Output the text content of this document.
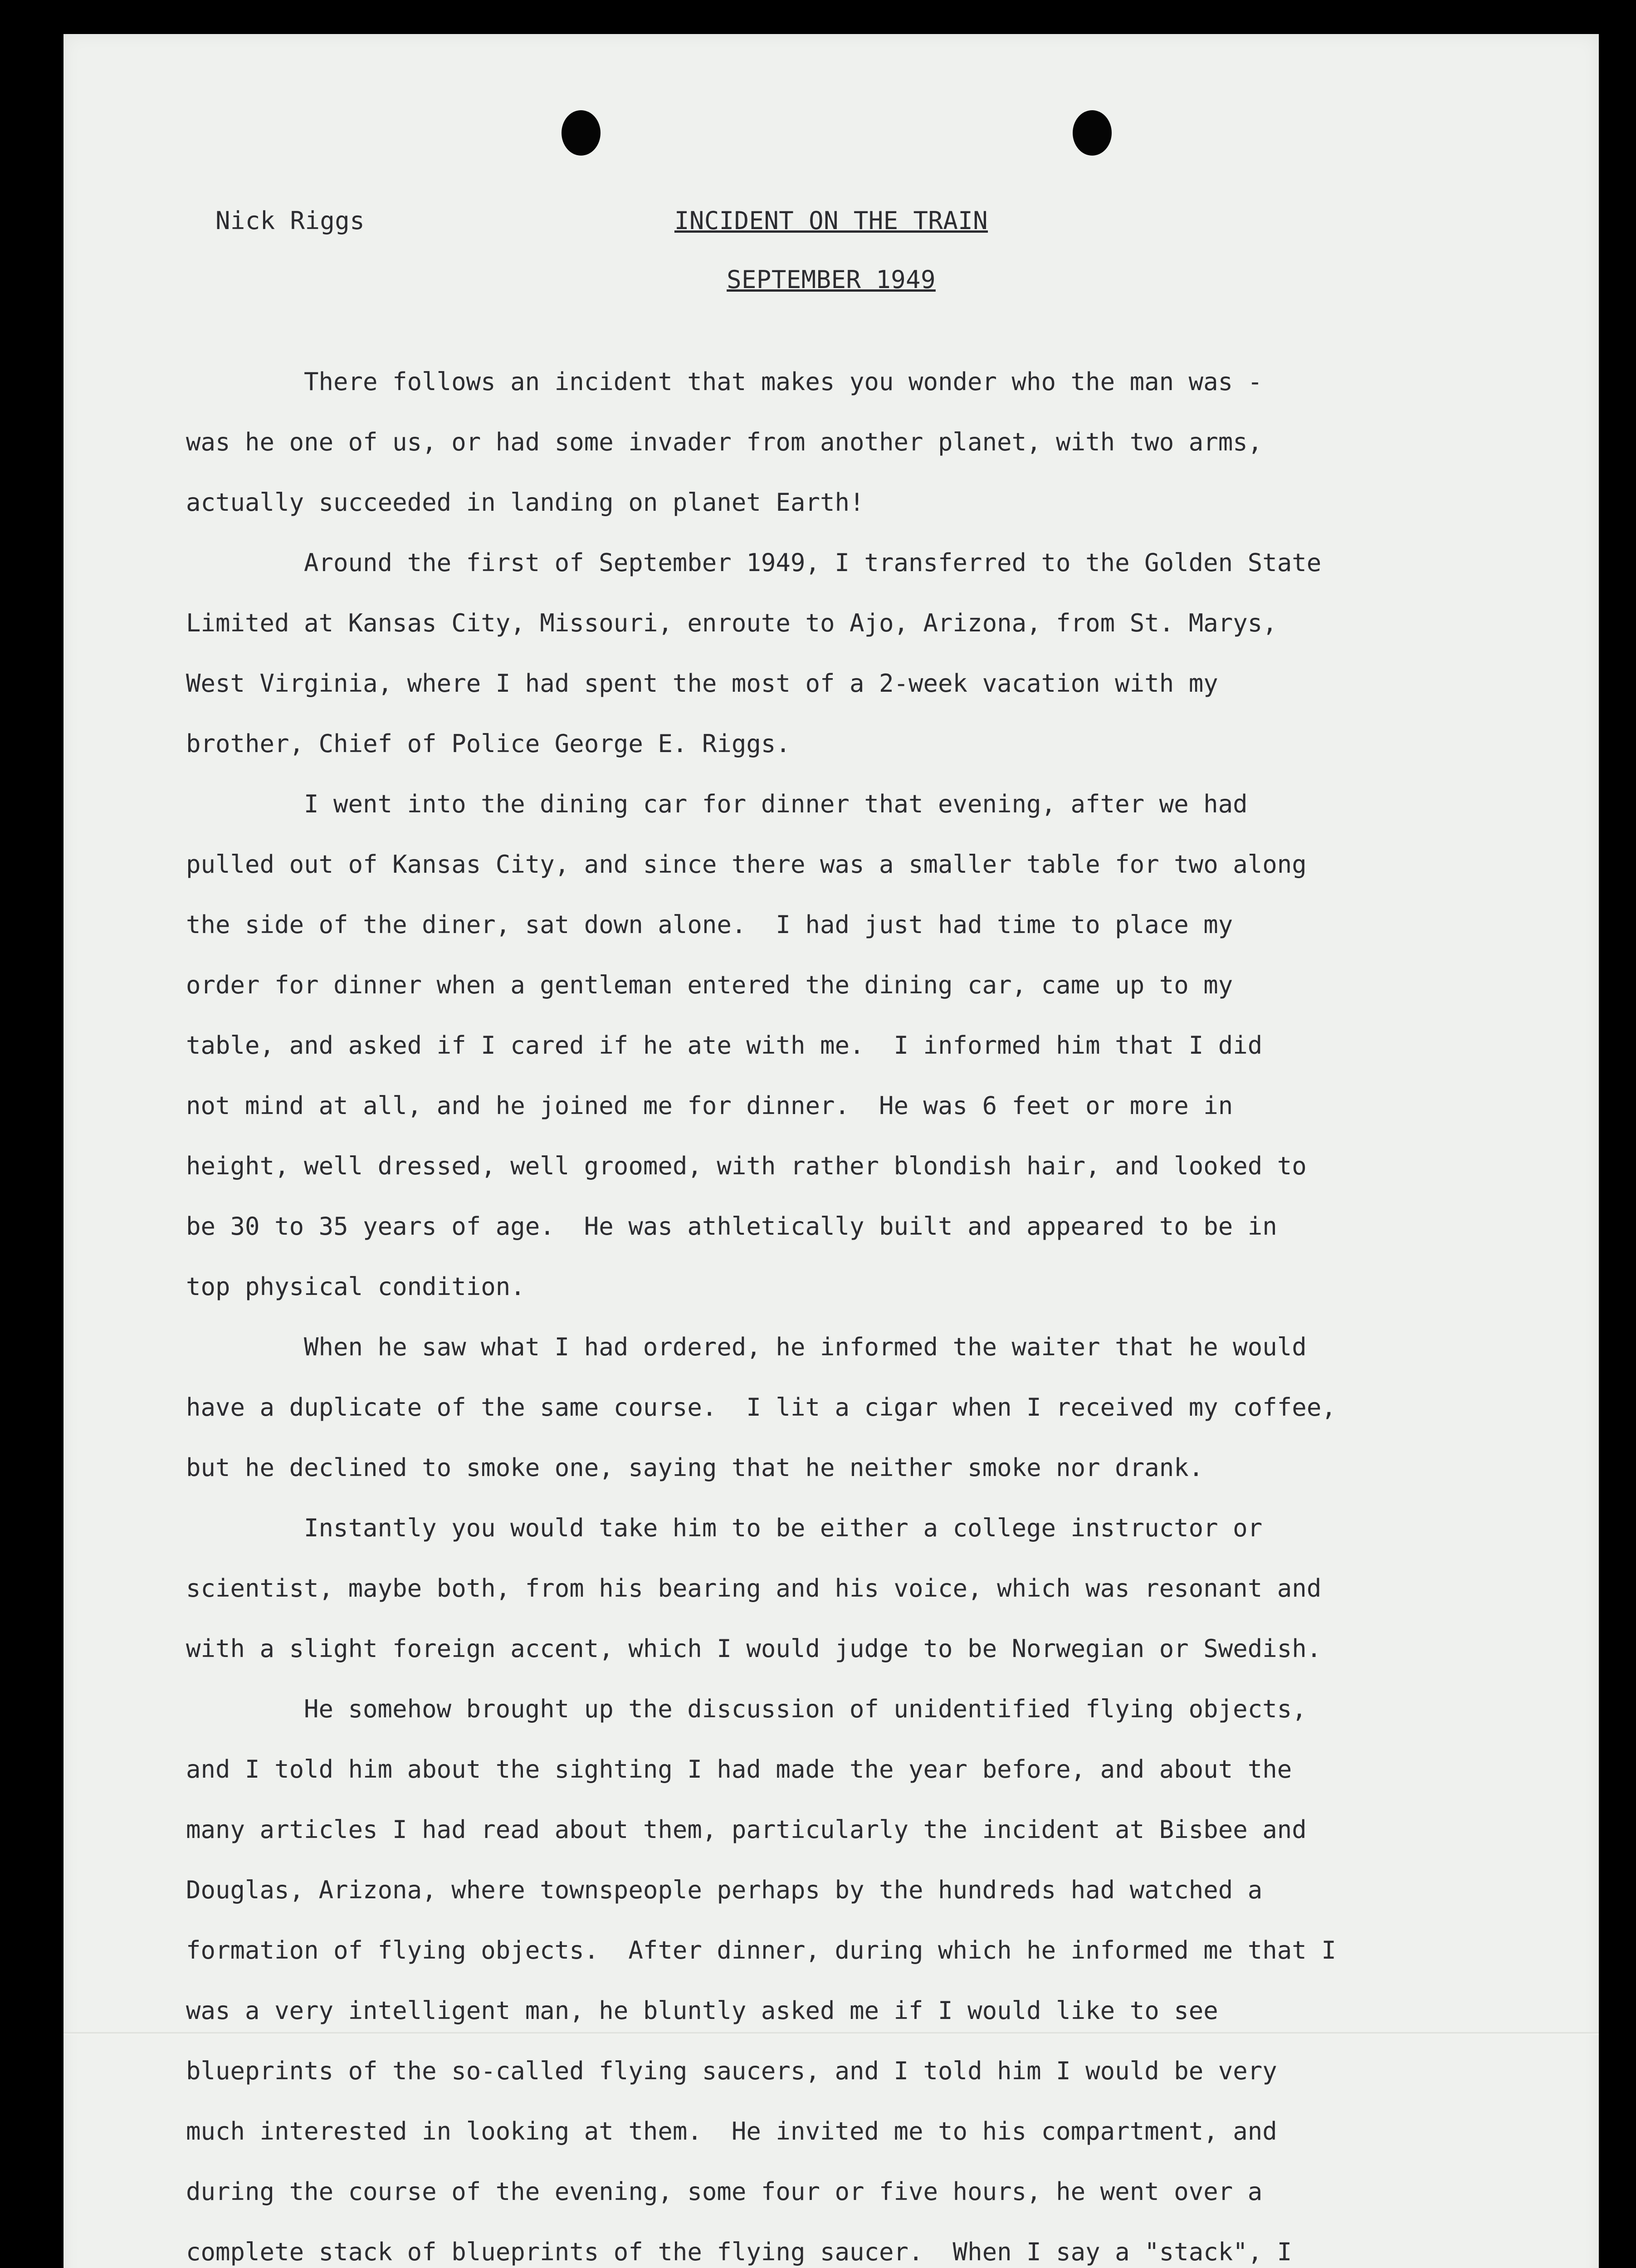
Nick Riggs	INCIDENT ON THE TRAIN
SEPTEMBER 1949
There follows an incident that makes you wonder who the man was -
was he one of us, or had some invader from another planet, with two arms,
actually succeeded in landing on planet Earth!
Around the first of September 1949, I transferred to the Golden State
Limited at Kansas City, Missouri, enroute to Ajo, Arizona, from St. Marys,
West Virginia, where I had spent the most of a 2-week vacation with my
brother, Chief of Police George E. Riggs.
I went into the dining car for dinner that evening, after we had
pulled out of Kansas City, and since there was a smaller table for two along
the side of the diner, sat down alone.  I had just had time to place my
order for dinner when a gentleman entered the dining car, came up to my
table, and asked if I cared if he ate with me.  I informed him that I did
not mind at all, and he joined me for dinner.  He was 6 feet or more in
height, well dressed, well groomed, with rather blondish hair, and looked to
be 30 to 35 years of age.  He was athletically built and appeared to be in
top physical condition.
When he saw what I had ordered, he informed the waiter that he would
have a duplicate of the same course.  I lit a cigar when I received my coffee,
but he declined to smoke one, saying that he neither smoke nor drank.
Instantly you would take him to be either a college instructor or
scientist, maybe both, from his bearing and his voice, which was resonant and
with a slight foreign accent, which I would judge to be Norwegian or Swedish.
He somehow brought up the discussion of unidentified flying objects,
and I told him about the sighting I had made the year before, and about the
many articles I had read about them, particularly the incident at Bisbee and
Douglas, Arizona, where townspeople perhaps by the hundreds had watched a
formation of flying objects.  After dinner, during which he informed me that I
was a very intelligent man, he bluntly asked me if I would like to see
blueprints of the so-called flying saucers, and I told him I would be very
much interested in looking at them.  He invited me to his compartment, and
during the course of the evening, some four or five hours, he went over a
complete stack of blueprints of the flying saucer.  When I say a "stack", I
